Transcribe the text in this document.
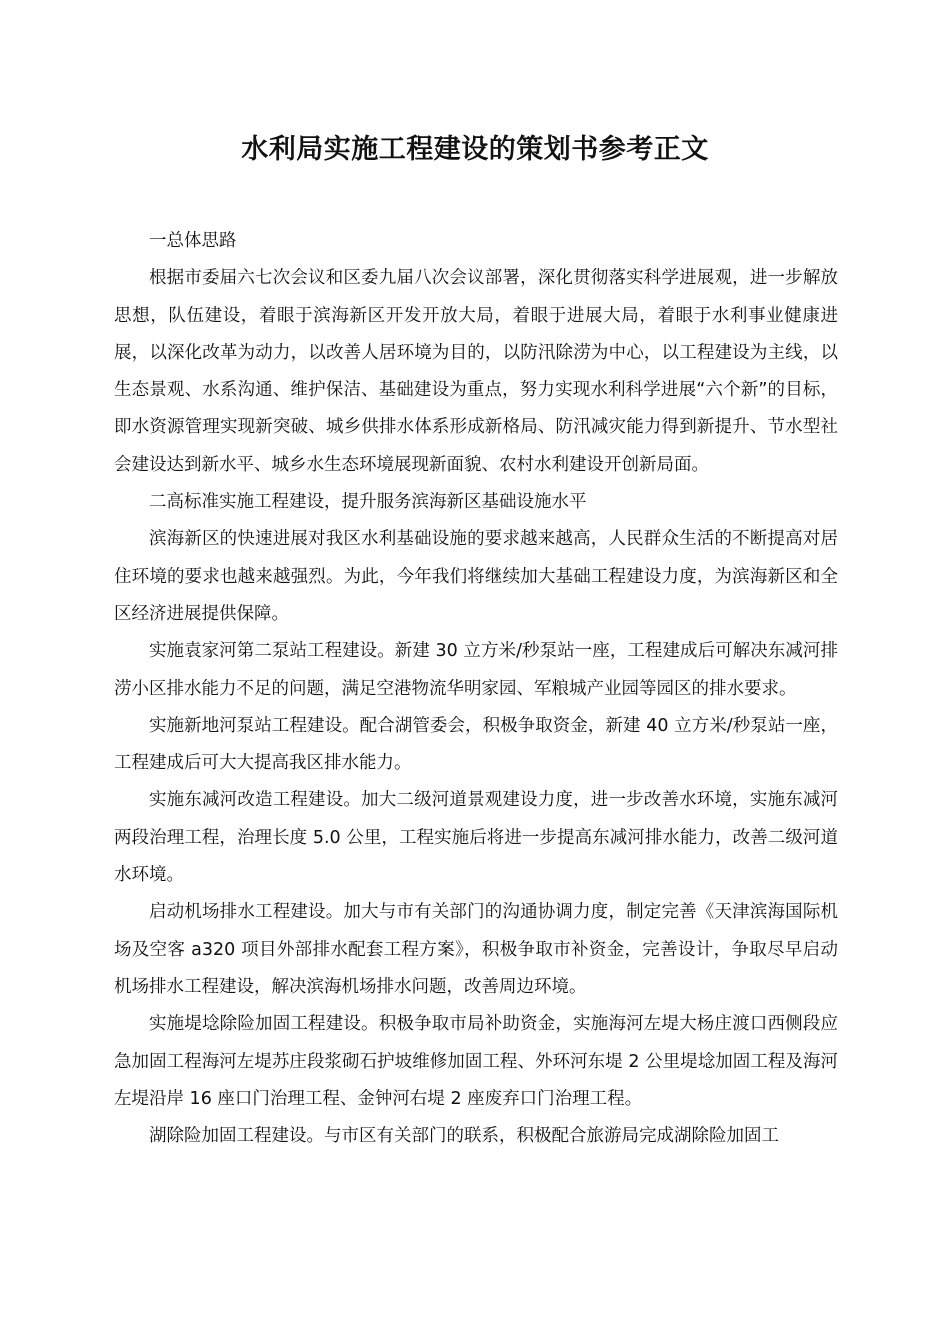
水利局实施工程建设的策划书参考正文

一总体思路

根据市委届六七次会议和区委九届八次会议部署，深化贯彻落实科学进展观，进一步解放思想，队伍建设，着眼于滨海新区开发开放大局，着眼于进展大局，着眼于水利事业健康进展，以深化改革为动力，以改善人居环境为目的，以防汛除涝为中心，以工程建设为主线，以生态景观、水系沟通、维护保洁、基础建设为重点，努力实现水利科学进展“六个新”的目标，即水资源管理实现新突破、城乡供排水体系形成新格局、防汛减灾能力得到新提升、节水型社会建设达到新水平、城乡水生态环境展现新面貌、农村水利建设开创新局面。

二高标准实施工程建设，提升服务滨海新区基础设施水平

滨海新区的快速进展对我区水利基础设施的要求越来越高，人民群众生活的不断提高对居住环境的要求也越来越强烈。为此，今年我们将继续加大基础工程建设力度，为滨海新区和全区经济进展提供保障。

实施袁家河第二泵站工程建设。新建 30 立方米/秒泵站一座，工程建成后可解决东减河排涝小区排水能力不足的问题，满足空港物流华明家园、军粮城产业园等园区的排水要求。

实施新地河泵站工程建设。配合湖管委会，积极争取资金，新建 40 立方米/秒泵站一座，工程建成后可大大提高我区排水能力。

实施东减河改造工程建设。加大二级河道景观建设力度，进一步改善水环境，实施东减河两段治理工程，治理长度 5.0 公里，工程实施后将进一步提高东减河排水能力，改善二级河道水环境。

启动机场排水工程建设。加大与市有关部门的沟通协调力度，制定完善《天津滨海国际机场及空客 a320 项目外部排水配套工程方案》，积极争取市补资金，完善设计，争取尽早启动机场排水工程建设，解决滨海机场排水问题，改善周边环境。

实施堤埝除险加固工程建设。积极争取市局补助资金，实施海河左堤大杨庄渡口西侧段应急加固工程海河左堤苏庄段浆砌石护坡维修加固工程、外环河东堤 2 公里堤埝加固工程及海河左堤沿岸 16 座口门治理工程、金钟河右堤 2 座废弃口门治理工程。

湖除险加固工程建设。与市区有关部门的联系，积极配合旅游局完成湖除险加固工
